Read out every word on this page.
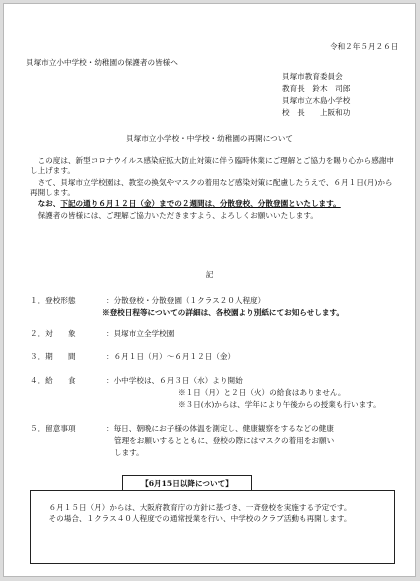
令和２年５月２６日
貝塚市立小中学校・幼稚園の保護者の皆様へ
貝塚市教育委員会
教育長　鈴木　司郎
貝塚市立木島小学校
校　長　　上阪和功
貝塚市立小学校・中学校・幼稚園の再開について

この度は、新型コロナウイルス感染症拡大防止対策に伴う臨時休業にご理解とご協力を賜り心から感謝申し上げます。

さて、貝塚市立学校園は、教室の換気やマスクの着用など感染対策に配慮したうえで、６月１日(月)から再開します。

なお、下記の通り６月１２日（金）までの２週間は、分散登校、分散登園といたします。

保護者の皆様には、ご理解ご協力いただきますよう、よろしくお願いいたします。

記
１．登校形態	：分散登校・分散登園（１クラス２０人程度）
※登校日程等についての詳細は、各校園より別紙にてお知らせします。
２．対　　象	：貝塚市立全学校園
３．期　　間	：６月１日（月）～６月１２日（金）
４．給　　食	：小中学校は、６月３日（水）より開始
※１日（月）と２日（火）の給食はありません。
※３日(水)からは、学年により午後からの授業も行います。
５．留意事項	：毎日、朝晩にお子様の体温を測定し、健康観察をするなどの健康
管理をお願いするとともに、登校の際にはマスクの着用をお願い
します。

６月１５日（月）からは、大阪府教育庁の方針に基づき、一斉登校を実施する予定です。

その場合、１クラス４０人程度での通常授業を行い、中学校のクラブ活動も再開します。

【6月15日以降について】
